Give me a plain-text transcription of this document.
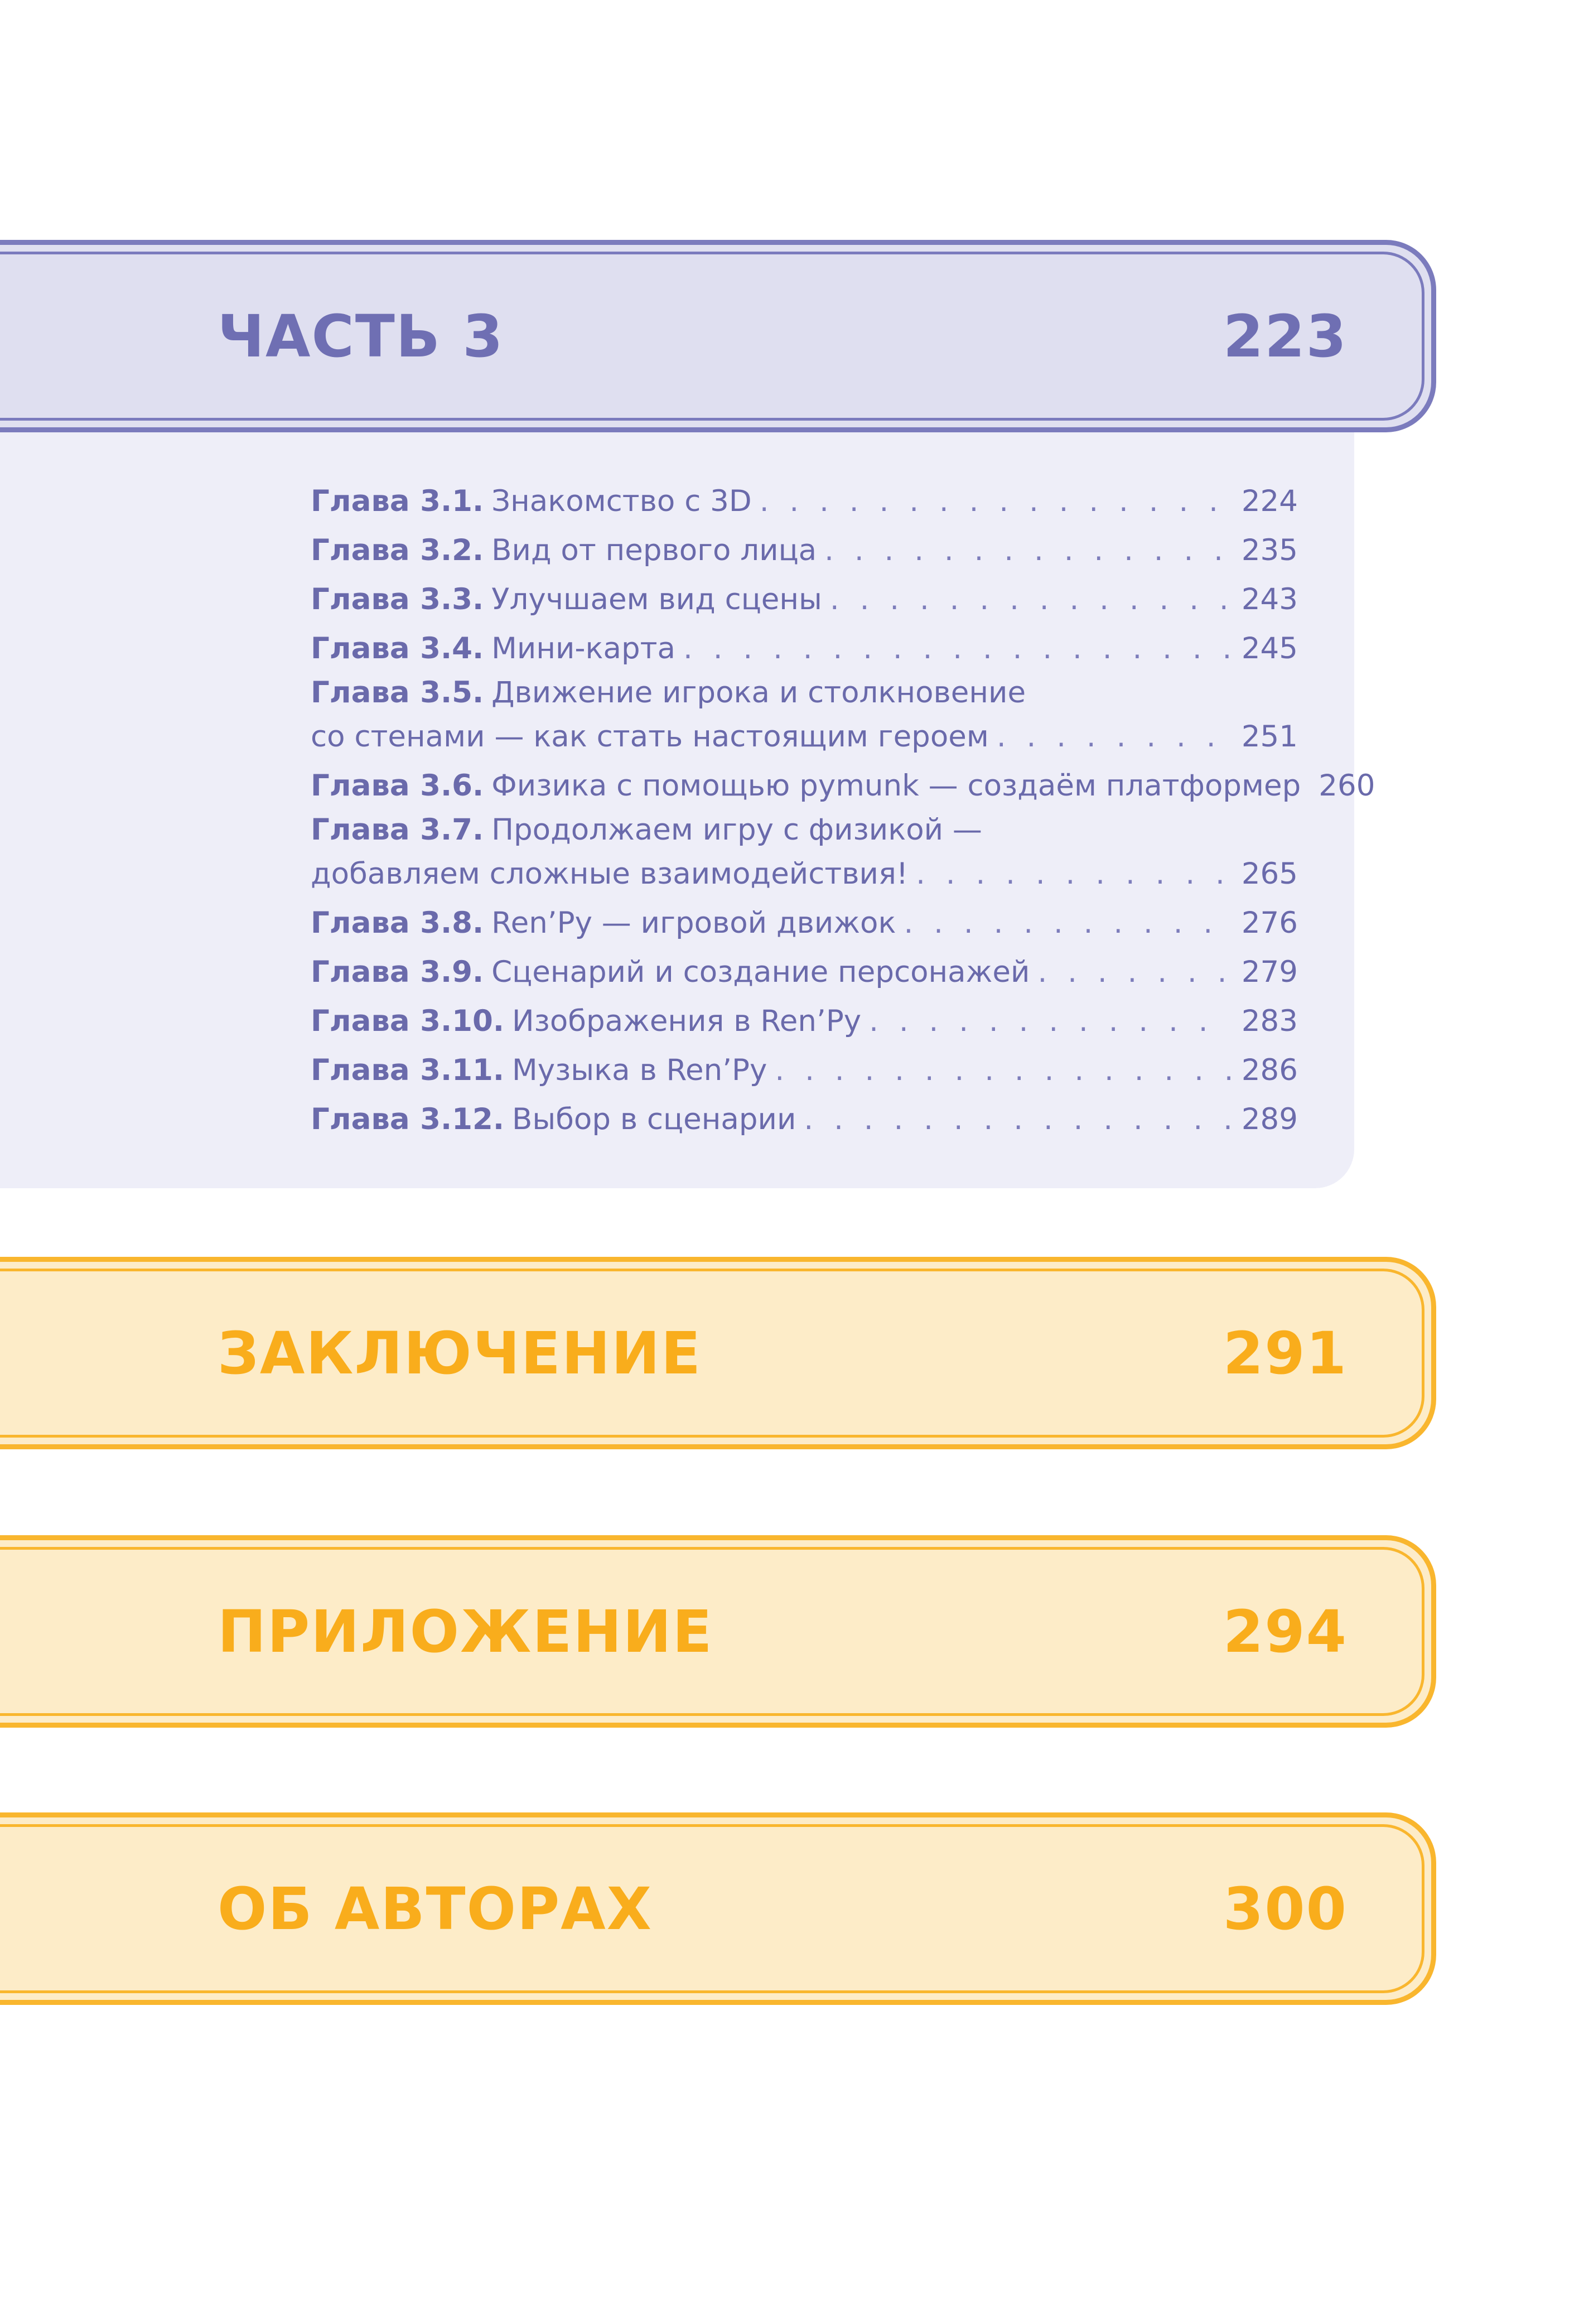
ЧАСТЬ 3	223
Глава 3.1. Знакомство с 3D . . .	224
Глава 3.2. Вид от первого лица . . .	235
Глава 3.3. Улучшаем вид сцены . . .	243
Глава 3.4. Мини-карта . . .	245
Глава 3.5. Движение игрока и столкновение
со стенами — как стать настоящим героем . . .	251
Глава 3.6. Физика с помощью pymunk — создаём платформер 260
Глава 3.7. Продолжаем игру с физикой —
добавляем сложные взаимодействия! . . .	265
Глава 3.8. Ren’Py — игровой движок . . .	276
Глава 3.9. Сценарий и создание персонажей . . .	279
Глава 3.10. Изображения в Ren’Py . . .	283
Глава 3.11. Музыка в Ren’Py . . .	286
Глава 3.12. Выбор в сценарии . . .	289
ЗАКЛЮЧЕНИЕ	291
ПРИЛОЖЕНИЕ	294
ОБ АВТОРАХ	300
